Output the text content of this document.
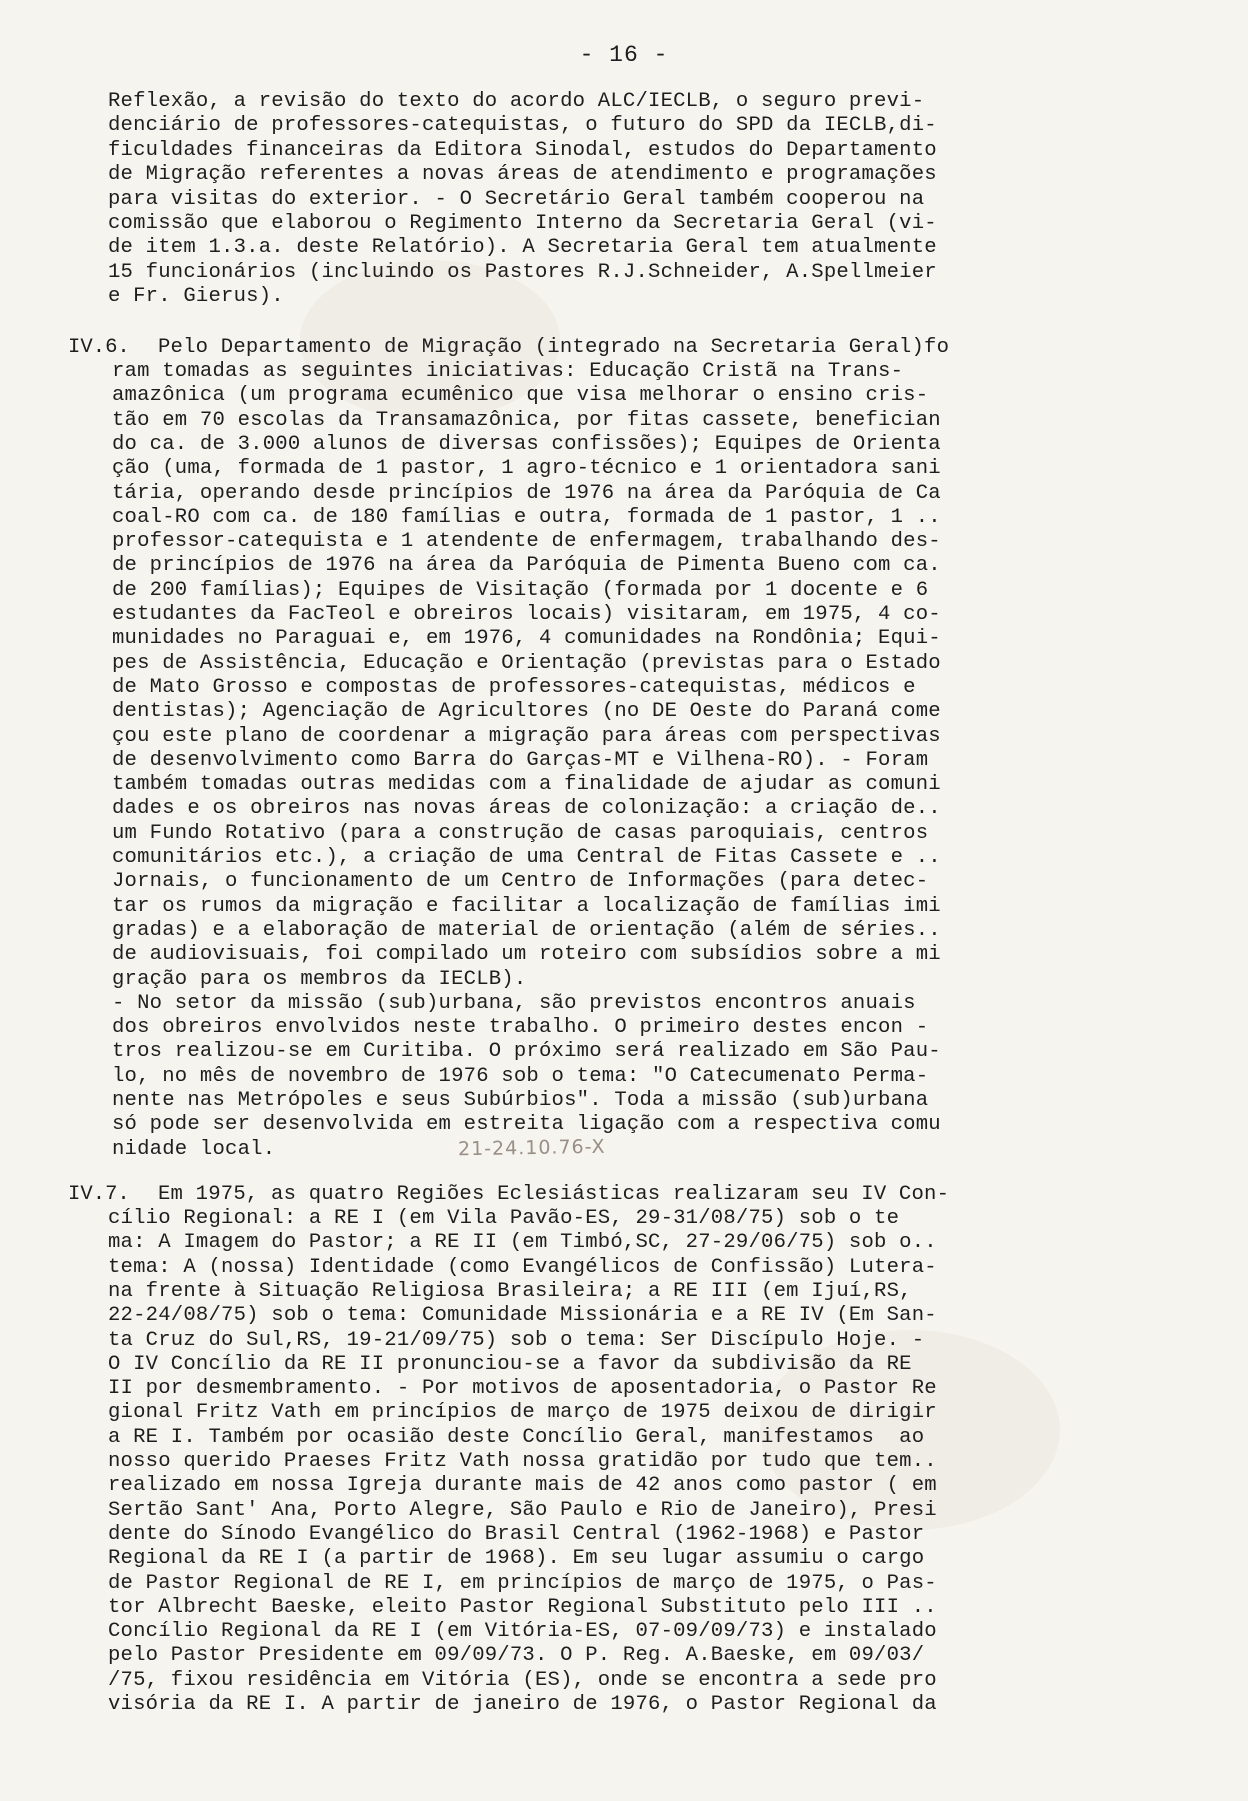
- 16 -
Reflexão, a revisão do texto do acordo ALC/IECLB, o seguro previ-
denciário de professores-catequistas, o futuro do SPD da IECLB,di-
ficuldades financeiras da Editora Sinodal, estudos do Departamento
de Migração referentes a novas áreas de atendimento e programações
para visitas do exterior. - O Secretário Geral também cooperou na
comissão que elaborou o Regimento Interno da Secretaria Geral (vi-
de item 1.3.a. deste Relatório). A Secretaria Geral tem atualmente
15 funcionários (incluindo os Pastores R.J.Schneider, A.Spellmeier
e Fr. Gierus).
IV.6. Pelo Departamento de Migração (integrado na Secretaria Geral)fo
ram tomadas as seguintes iniciativas: Educação Cristã na Trans-
amazônica (um programa ecumênico que visa melhorar o ensino cris-
tão em 70 escolas da Transamazônica, por fitas cassete, benefician
do ca. de 3.000 alunos de diversas confissões); Equipes de Orienta
ção (uma, formada de 1 pastor, 1 agro-técnico e 1 orientadora sani
tária, operando desde princípios de 1976 na área da Paróquia de Ca
coal-RO com ca. de 180 famílias e outra, formada de 1 pastor, 1 ..
professor-catequista e 1 atendente de enfermagem, trabalhando des-
de princípios de 1976 na área da Paróquia de Pimenta Bueno com ca.
de 200 famílias); Equipes de Visitação (formada por 1 docente e 6
estudantes da FacTeol e obreiros locais) visitaram, em 1975, 4 co-
munidades no Paraguai e, em 1976, 4 comunidades na Rondônia; Equi-
pes de Assistência, Educação e Orientação (previstas para o Estado
de Mato Grosso e compostas de professores-catequistas, médicos e
dentistas); Agenciação de Agricultores (no DE Oeste do Paraná come
çou este plano de coordenar a migração para áreas com perspectivas
de desenvolvimento como Barra do Garças-MT e Vilhena-RO). - Foram
também tomadas outras medidas com a finalidade de ajudar as comuni
dades e os obreiros nas novas áreas de colonização: a criação de..
um Fundo Rotativo (para a construção de casas paroquiais, centros
comunitários etc.), a criação de uma Central de Fitas Cassete e ..
Jornais, o funcionamento de um Centro de Informações (para detec-
tar os rumos da migração e facilitar a localização de famílias imi
gradas) e a elaboração de material de orientação (além de séries..
de audiovisuais, foi compilado um roteiro com subsídios sobre a mi
gração para os membros da IECLB).
- No setor da missão (sub)urbana, são previstos encontros anuais
dos obreiros envolvidos neste trabalho. O primeiro destes encon -
tros realizou-se em Curitiba. O próximo será realizado em São Pau-
lo, no mês de novembro de 1976 sob o tema: "O Catecumenato Perma-
nente nas Metrópoles e seus Subúrbios". Toda a missão (sub)urbana
só pode ser desenvolvida em estreita ligação com a respectiva comu
nidade local.	21-24.10.76-X
IV.7. Em 1975, as quatro Regiões Eclesiásticas realizaram seu IV Con-
cílio Regional: a RE I (em Vila Pavão-ES, 29-31/08/75) sob o te
ma: A Imagem do Pastor; a RE II (em Timbó,SC, 27-29/06/75) sob o..
tema: A (nossa) Identidade (como Evangélicos de Confissão) Lutera-
na frente à Situação Religiosa Brasileira; a RE III (em Ijuí,RS,
22-24/08/75) sob o tema: Comunidade Missionária e a RE IV (Em San-
ta Cruz do Sul,RS, 19-21/09/75) sob o tema: Ser Discípulo Hoje. -
O IV Concílio da RE II pronunciou-se a favor da subdivisão da RE
II por desmembramento. - Por motivos de aposentadoria, o Pastor Re
gional Fritz Vath em princípios de março de 1975 deixou de dirigir
a RE I. Também por ocasião deste Concílio Geral, manifestamos  ao
nosso querido Praeses Fritz Vath nossa gratidão por tudo que tem..
realizado em nossa Igreja durante mais de 42 anos como pastor ( em
Sertão Sant' Ana, Porto Alegre, São Paulo e Rio de Janeiro), Presi
dente do Sínodo Evangélico do Brasil Central (1962-1968) e Pastor
Regional da RE I (a partir de 1968). Em seu lugar assumiu o cargo
de Pastor Regional de RE I, em princípios de março de 1975, o Pas-
tor Albrecht Baeske, eleito Pastor Regional Substituto pelo III ..
Concílio Regional da RE I (em Vitória-ES, 07-09/09/73) e instalado
pelo Pastor Presidente em 09/09/73. O P. Reg. A.Baeske, em 09/03/
/75, fixou residência em Vitória (ES), onde se encontra a sede pro
visória da RE I. A partir de janeiro de 1976, o Pastor Regional da
